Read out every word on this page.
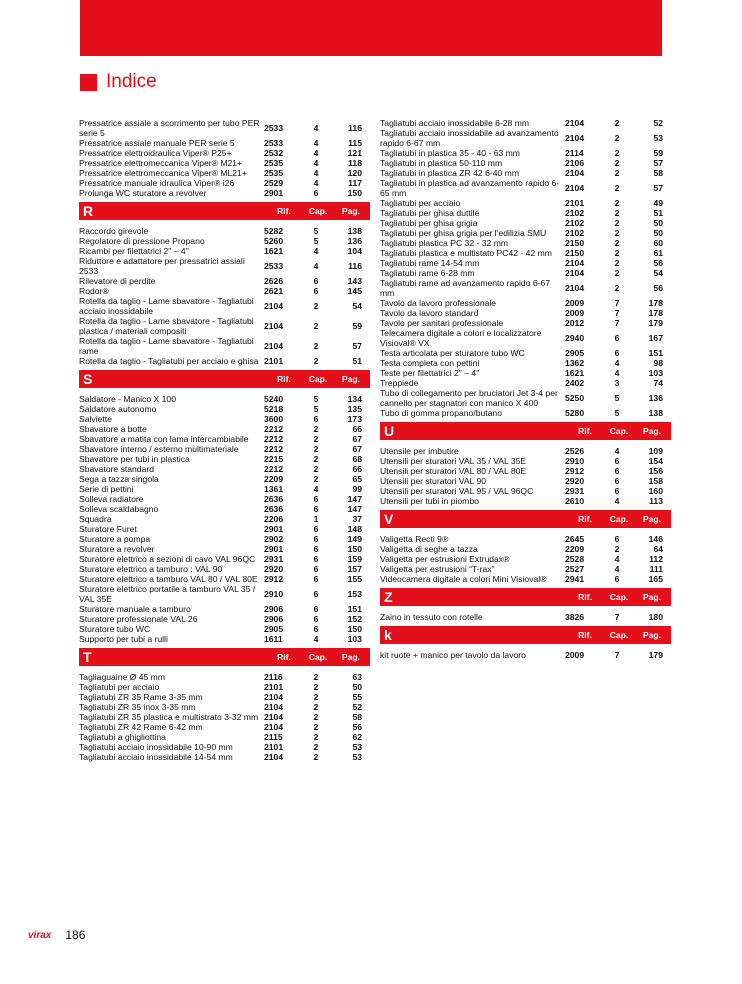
Indice
Pressatrice assiale a scorrimento per tubo PER serie 5	2533	4	116
Pressatrice assiale manuale PER serie 5	2533	4	115
Pressatrice elettroidraulica Viper® P25+	2532	4	121
Pressatrice elettromeccanica Viper® M21+	2535	4	118
Pressatrice elettromeccanica Viper® ML21+	2535	4	120
Pressatrice manuale idraulica Viper® i26	2529	4	117
Prolunga WC sturatore a revolver	2901	6	150
R	Rif.	Cap.	Pag.
Raccordo girevole	5282	5	138
Regolatore di pressione Propano	5260	5	136
Ricambi per filettatrici 2" – 4"	1621	4	104
Riduttore e adattatore per pressatrici assiali 2533	2533	4	116
Rilevatore di perdite	2626	6	143
Rodor®	2621	6	145
Rotella da taglio - Lame sbavatore - Tagliatubi acciaio inossidabile	2104	2	54
Rotella da taglio - Lame sbavatore - Tagliatubi plastica / materiali compositi	2104	2	59
Rotella da taglio - Lame sbavatore - Tagliatubi rame	2104	2	57
Rotella da taglio - Tagliatubi per acciaio e ghisa 2101	2	51
S	Rif.	Cap.	Pag.
Saldatore - Manico X 100	5240	5	134
Saldatore autonomo	5218	5	135
Salviette	3600	6	173
Sbavatore a botte	2212	2	66
Sbavatore a matita con lama intercambiabile	2212	2	67
Sbavatore interno / esterno multimateriale	2212	2	67
Sbavatore per tubi in plastica	2215	2	68
Sbavatore standard	2212	2	66
Sega a tazza singola	2209	2	65
Serie di pettini	1361	4	99
Solleva radiatore	2636	6	147
Solleva scaldabagno	2636	6	147
Squadra	2206	1	37
Sturatore Furet	2901	6	148
Sturatore a pompa	2902	6	149
Sturatore a revolver	2901	6	150
Sturatore elettrico a sezioni di cavo VAL 96QC	2931	6	159
Sturatore elettrico a tamburo : VAL 90	2920	6	157
Sturatore elettrico a tamburo VAL 80 / VAL 80E 2912	6	155
Sturatore elettrico portatile a tamburo VAL 35 / VAL 35E	2910	6	153
Sturatore manuale a tamburo	2906	6	151
Sturatore professionale VAL 26	2906	6	152
Sturatore tubo WC	2905	6	150
Supporto per tubi a rulli	1611	4	103
T	Rif.	Cap.	Pag.
Tagliaguaine Ø 45 mm	2116	2	63
Tagliatubi per acciaio	2101	2	50
Tagliatubi ZR 35 Rame 3-35 mm	2104	2	55
Tagliatubi ZR 35 inox 3-35 mm	2104	2	52
Tagliatubi ZR 35 plastica e multistrato 3-32 mm 2104	2	58
Tagliatubi ZR 42 Rame 6-42 mm	2104	2	56
Tagliatubi a ghigliottina	2115	2	62
Tagliatubi acciaio inossidabile 10-90 mm	2101	2	53
Tagliatubi acciaio inossidabile 14-54 mm	2104	2	53
Tagliatubi acciaio inossidabile 6-28 mm	2104	2	52
Tagliatubi acciaio inossidabile ad avanzamento rapido 6-67 mm	2104	2	53
Tagliatubi in plastica 35 - 40 - 63 mm	2114	2	59
Tagliatubi in plastica 50-110 mm	2106	2	57
Tagliatubi in plastica ZR 42 6-40 mm	2104	2	58
Tagliatubi in plastica ad avanzamento rapido 6-65 mm	2104	2	57
Tagliatubi per acciaio	2101	2	49
Tagliatubi per ghisa duttile	2102	2	51
Tagliatubi per ghisa grigia	2102	2	50
Tagliatubi per ghisa grigia per l’edilizia SMU	2102	2	50
Tagliatubi plastica PC 32 - 32 mm	2150	2	60
Tagliatubi plastica e multistato PC42 - 42 mm	2150	2	61
Tagliatubi rame 14-54 mm	2104	2	56
Tagliatubi rame 6-28 mm	2104	2	54
Tagliatubi rame ad avanzamento rapido 6-67 mm	2104	2	56
Tavolo da lavoro professionale	2009	7	178
Tavolo da lavoro standard	2009	7	178
Tavolo per sanitari professionale	2012	7	179
Telecamera digitale a colori e localizzatore Visioval® VX	2940	6	167
Testa articolata per sturatore tubo WC	2905	6	151
Testa completa con pettini	1362	4	98
Teste per filettatrici 2" – 4"	1621	4	103
Treppiede	2402	3	74
Tubo di collegamento per bruciatori Jet 3-4 per cannello per stagnatori con manico X 400	5250	5	136
Tubo di gomma propano/butano	5280	5	138
U	Rif.	Cap.	Pag.
Utensile per imbutire	2526	4	109
Utensili per sturatori VAL 35 / VAL 35E	2910	6	154
Utensili per sturatori VAL 80 / VAL 80E	2912	6	156
Utensili per sturatori VAL 90	2920	6	158
Utensili per sturatori VAL 95 / VAL 96QC	2931	6	160
Utensili per tubi in piombo	2610	4	113
V	Rif.	Cap.	Pag.
Valigetta Recti 9®	2645	6	146
Valigetta di seghe a tazza	2209	2	64
Valigetta per estrusioni Extrudax®	2528	4	112
Valigetta per estrusioni “T-rax”	2527	4	111
Videocamera digitale a colori Mini Visioval®	2941	6	165
Z	Rif.	Cap.	Pag.
Zaino in tessuto con rotelle	3826	7	180
k	Rif.	Cap.	Pag.
kit ruote + manico per tavolo da lavoro	2009	7	179
virax 186
